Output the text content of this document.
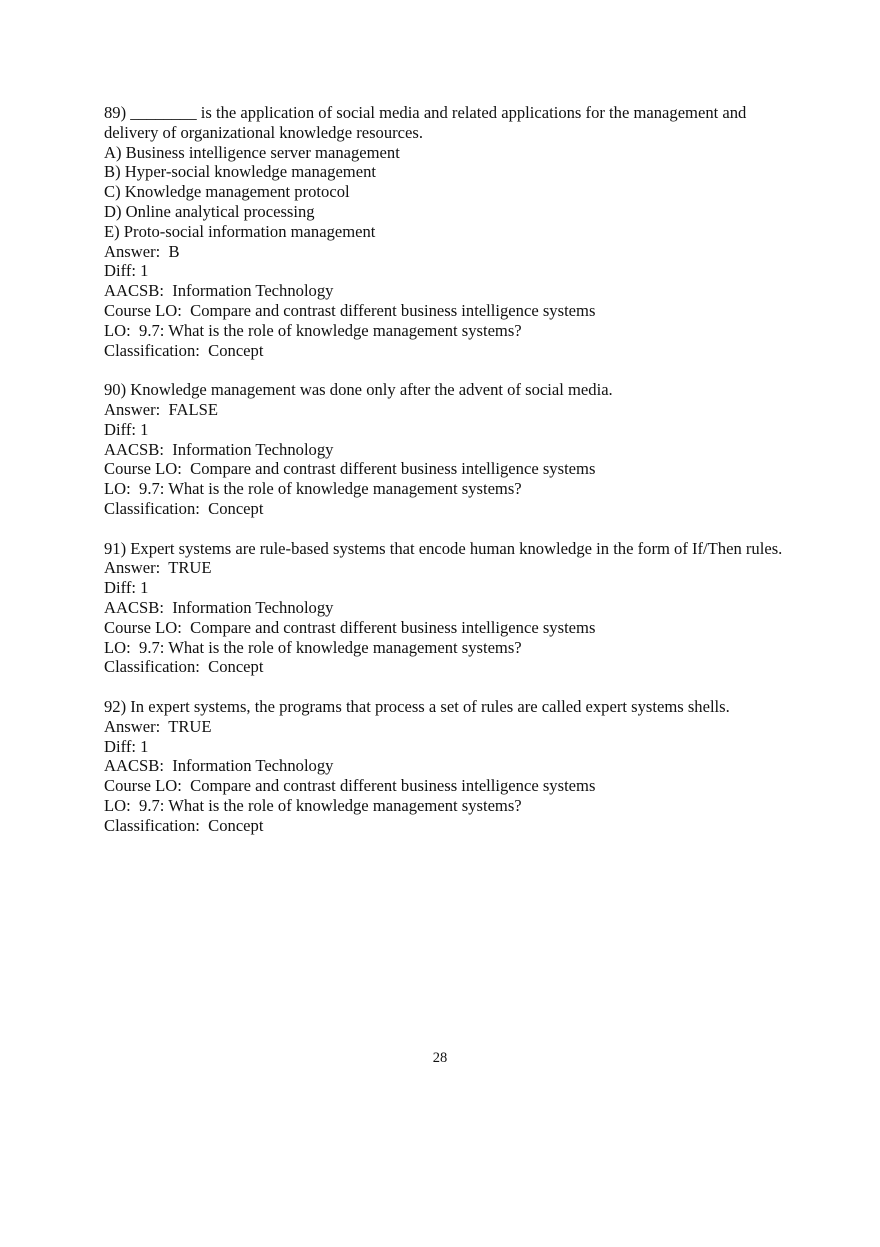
89) ________ is the application of social media and related applications for the management and delivery of organizational knowledge resources.
A) Business intelligence server management
B) Hyper-social knowledge management
C) Knowledge management protocol
D) Online analytical processing
E) Proto-social information management
Answer:  B
Diff: 1
AACSB:  Information Technology
Course LO:  Compare and contrast different business intelligence systems
LO:  9.7: What is the role of knowledge management systems?
Classification:  Concept
90) Knowledge management was done only after the advent of social media.
Answer:  FALSE
Diff: 1
AACSB:  Information Technology
Course LO:  Compare and contrast different business intelligence systems
LO:  9.7: What is the role of knowledge management systems?
Classification:  Concept
91) Expert systems are rule-based systems that encode human knowledge in the form of If/Then rules.
Answer:  TRUE
Diff: 1
AACSB:  Information Technology
Course LO:  Compare and contrast different business intelligence systems
LO:  9.7: What is the role of knowledge management systems?
Classification:  Concept
92) In expert systems, the programs that process a set of rules are called expert systems shells.
Answer:  TRUE
Diff: 1
AACSB:  Information Technology
Course LO:  Compare and contrast different business intelligence systems
LO:  9.7: What is the role of knowledge management systems?
Classification:  Concept
28
